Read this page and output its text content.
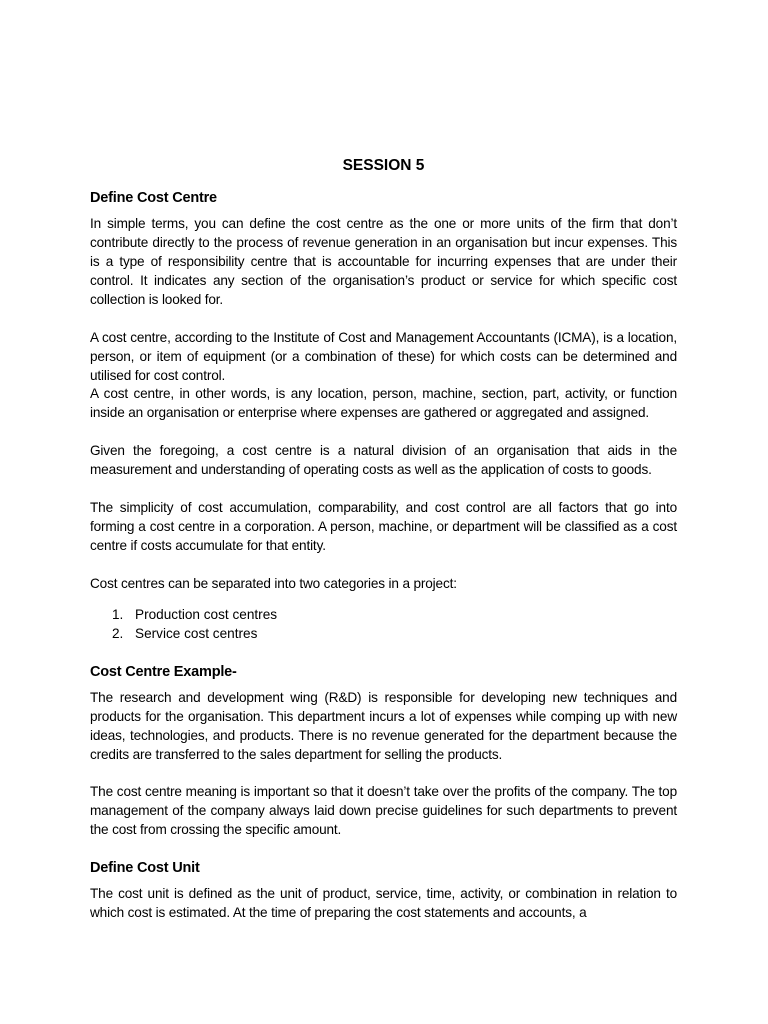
SESSION 5
Define Cost Centre
In simple terms, you can define the cost centre as the one or more units of the firm that don’t contribute directly to the process of revenue generation in an organisation but incur expenses. This is a type of responsibility centre that is accountable for incurring expenses that are under their control. It indicates any section of the organisation’s product or service for which specific cost collection is looked for.
A cost centre, according to the Institute of Cost and Management Accountants (ICMA), is a location, person, or item of equipment (or a combination of these) for which costs can be determined and utilised for cost control.
A cost centre, in other words, is any location, person, machine, section, part, activity, or function inside an organisation or enterprise where expenses are gathered or aggregated and assigned.
Given the foregoing, a cost centre is a natural division of an organisation that aids in the measurement and understanding of operating costs as well as the application of costs to goods.
The simplicity of cost accumulation, comparability, and cost control are all factors that go into forming a cost centre in a corporation. A person, machine, or department will be classified as a cost centre if costs accumulate for that entity.
Cost centres can be separated into two categories in a project:
1. Production cost centres
2. Service cost centres
Cost Centre Example-
The research and development wing (R&D) is responsible for developing new techniques and products for the organisation. This department incurs a lot of expenses while comping up with new ideas, technologies, and products. There is no revenue generated for the department because the credits are transferred to the sales department for selling the products.
The cost centre meaning is important so that it doesn’t take over the profits of the company. The top management of the company always laid down precise guidelines for such departments to prevent the cost from crossing the specific amount.
Define Cost Unit
The cost unit is defined as the unit of product, service, time, activity, or combination in relation to which cost is estimated. At the time of preparing the cost statements and accounts, a
